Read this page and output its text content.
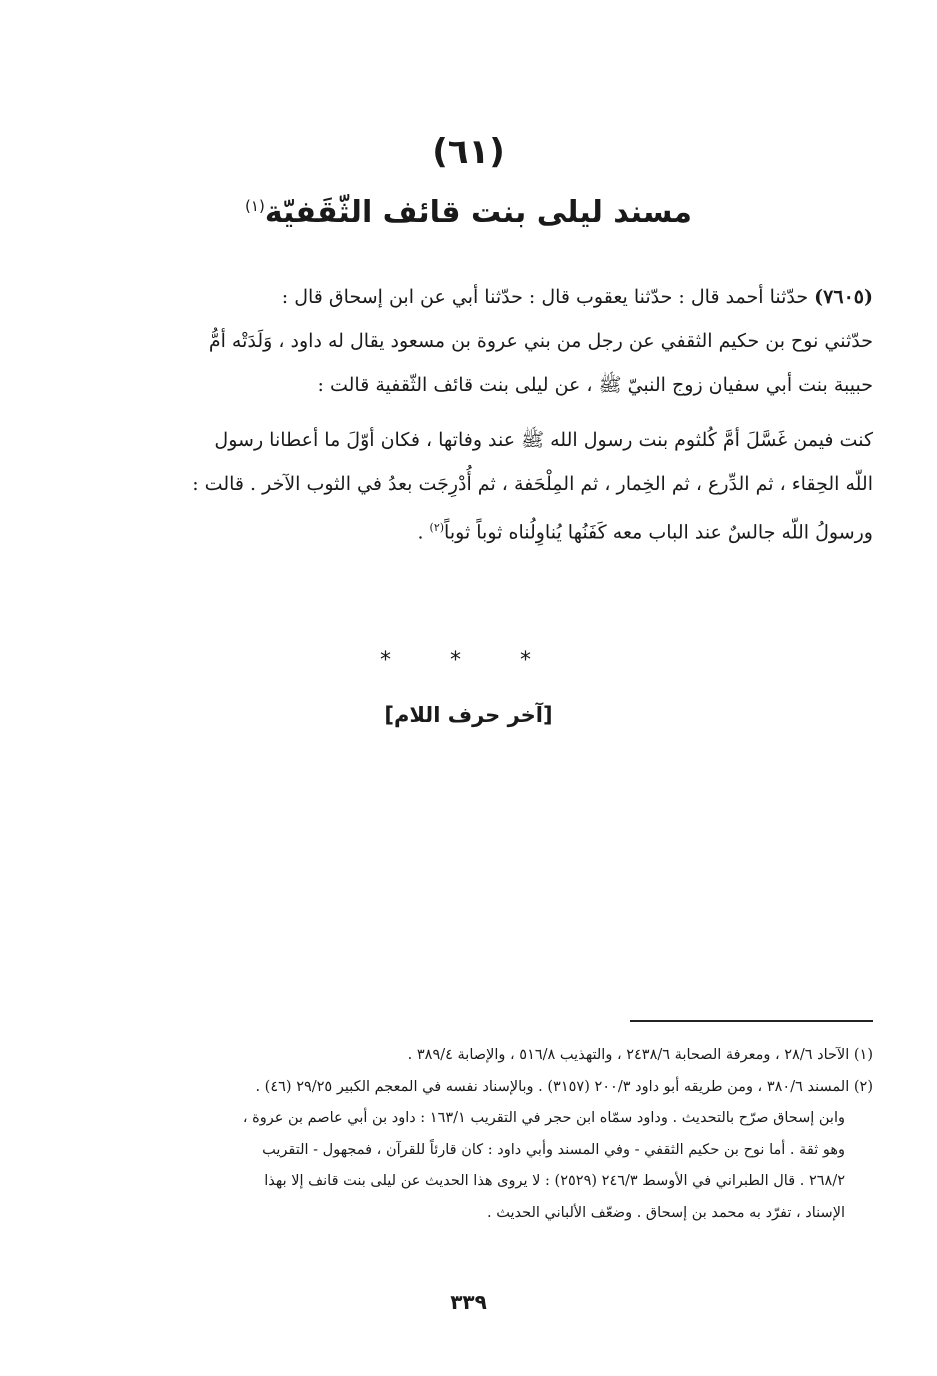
(٦١)
مسند ليلى بنت قائف الثّقَفيّة$^{(١)}$
(٧٦٠٥) حدّثنا أحمد قال : حدّثنا يعقوب قال : حدّثنا أبي عن ابن إسحاق قال :
حدّثني نوح بن حكيم الثقفي عن رجل من بني عروة بن مسعود يقال له داود ، وَلَدَتْه أمُّ
حبيبة بنت أبي سفيان زوج النبيّ ﷺ ، عن ليلى بنت قائف الثّقفية قالت :
كنت فيمن غَسَّلَ أمَّ كُلثوم بنت رسول الله ﷺ عند وفاتها ، فكان أوّلَ ما أعطانا رسول
اللّه الحِقاء ، ثم الدِّرع ، ثم الخِمار ، ثم المِلْحَفة ، ثم أُدْرِجَت بعدُ في الثوب الآخر . قالت :
ورسولُ اللّه جالسٌ عند الباب معه كَفَنُها يُناوِلُناه ثوباً ثوباً$^{(٢)}$ .
* * *
[آخر حرف اللام]
(١) الآحاد ٢٨/٦ ، ومعرفة الصحابة ٢٤٣٨/٦ ، والتهذيب ٥١٦/٨ ، والإصابة ٣٨٩/٤ .
(٢) المسند ٣٨٠/٦ ، ومن طريقه أبو داود ٢٠٠/٣ (٣١٥٧) . وبالإسناد نفسه في المعجم الكبير ٢٩/٢٥ (٤٦) .
وابن إسحاق صرّح بالتحديث . وداود سمّاه ابن حجر في التقريب ١٦٣/١ : داود بن أبي عاصم بن عروة ،
وهو ثقة . أما نوح بن حكيم الثقفي - وفي المسند وأبي داود : كان قارئاً للقرآن ، فمجهول - التقريب
٢٦٨/٢ . قال الطبراني في الأوسط ٢٤٦/٣ (٢٥٢٩) : لا يروى هذا الحديث عن ليلى بنت قانف إلا بهذا
الإسناد ، تفرّد به محمد بن إسحاق . وضعّف الألباني الحديث .
٣٣٩
